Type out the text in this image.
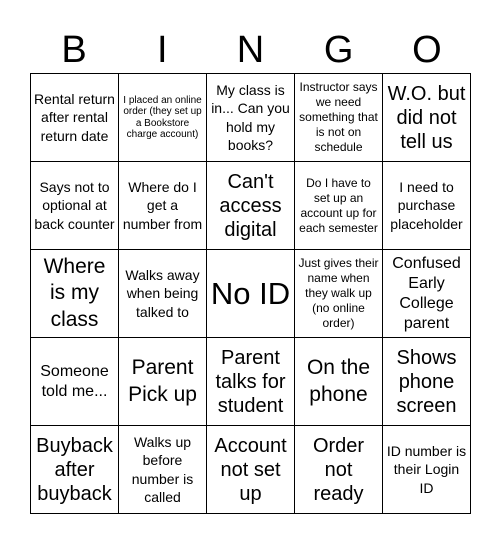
B	I	N	G	O
Rental return after rental return date
I placed an online order (they set up a Bookstore charge account)
My class is in... Can you hold my books?
Instructor says we need something that is not on schedule
W.O. but did not tell us
Says not to optional at back counter
Where do I get a number from
Can't access digital
Do I have to set up an account up for each semester
I need to purchase placeholder
Where is my class
Walks away when being talked to
No ID
Just gives their name when they walk up (no online order)
Confused Early College parent
Someone told me...
Parent Pick up
Parent talks for student
On the phone
Shows phone screen
Buyback after buyback
Walks up before number is called
Account not set up
Order not ready
ID number is their Login ID
